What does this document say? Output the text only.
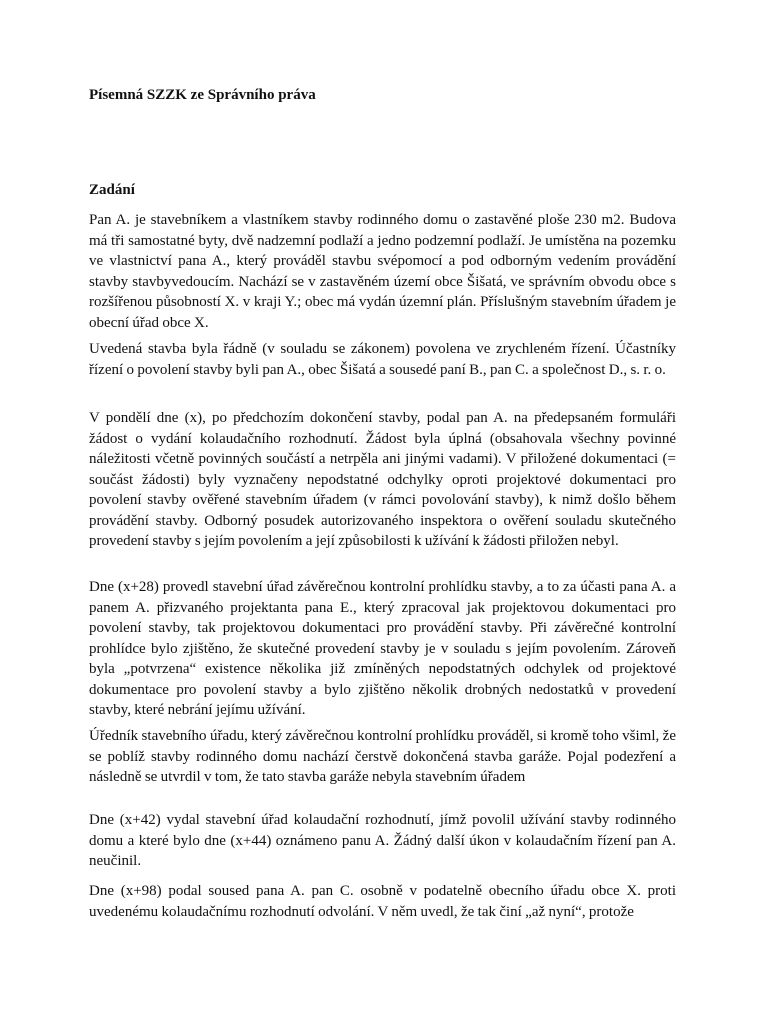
Písemná SZZK ze Správního práva
Zadání

Pan A. je stavebníkem a vlastníkem stavby rodinného domu o zastavěné ploše 230 m2. Budova má tři samostatné byty, dvě nadzemní podlaží a jedno podzemní podlaží. Je umístěna na pozemku ve vlastnictví pana A., který prováděl stavbu svépomocí a pod odborným vedením provádění stavby stavbyvedoucím. Nachází se v zastavěném území obce Šišatá, ve správním obvodu obce s rozšířenou působností X. v kraji Y.; obec má vydán územní plán. Příslušným stavebním úřadem je obecní úřad obce X.

Uvedená stavba byla řádně (v souladu se zákonem) povolena ve zrychleném řízení. Účastníky řízení o povolení stavby byli pan A., obec Šišatá a sousedé paní B., pan C. a společnost D., s. r. o.

V pondělí dne (x), po předchozím dokončení stavby, podal pan A. na předepsaném formuláři žádost o vydání kolaudačního rozhodnutí. Žádost byla úplná (obsahovala všechny povinné náležitosti včetně povinných součástí a netrpěla ani jinými vadami). V přiložené dokumentaci (= součást žádosti) byly vyznačeny nepodstatné odchylky oproti projektové dokumentaci pro povolení stavby ověřené stavebním úřadem (v rámci povolování stavby), k nimž došlo během provádění stavby. Odborný posudek autorizovaného inspektora o ověření souladu skutečného provedení stavby s jejím povolením a její způsobilosti k užívání k žádosti přiložen nebyl.

Dne (x+28) provedl stavební úřad závěrečnou kontrolní prohlídku stavby, a to za účasti pana A. a panem A. přizvaného projektanta pana E., který zpracoval jak projektovou dokumentaci pro povolení stavby, tak projektovou dokumentaci pro provádění stavby. Při závěrečné kontrolní prohlídce bylo zjištěno, že skutečné provedení stavby je v souladu s jejím povolením. Zároveň byla „potvrzena“ existence několika již zmíněných nepodstatných odchylek od projektové dokumentace pro povolení stavby a bylo zjištěno několik drobných nedostatků v provedení stavby, které nebrání jejímu užívání.

Úředník stavebního úřadu, který závěrečnou kontrolní prohlídku prováděl, si kromě toho všiml, že se poblíž stavby rodinného domu nachází čerstvě dokončená stavba garáže. Pojal podezření a následně se utvrdil v tom, že tato stavba garáže nebyla stavebním úřadem

Dne (x+42) vydal stavební úřad kolaudační rozhodnutí, jímž povolil užívání stavby rodinného domu a které bylo dne (x+44) oznámeno panu A. Žádný další úkon v kolaudačním řízení pan A. neučinil.

Dne (x+98) podal soused pana A. pan C. osobně v podatelně obecního úřadu obce X. proti uvedenému kolaudačnímu rozhodnutí odvolání. V něm uvedl, že tak činí „až nyní“, protože
